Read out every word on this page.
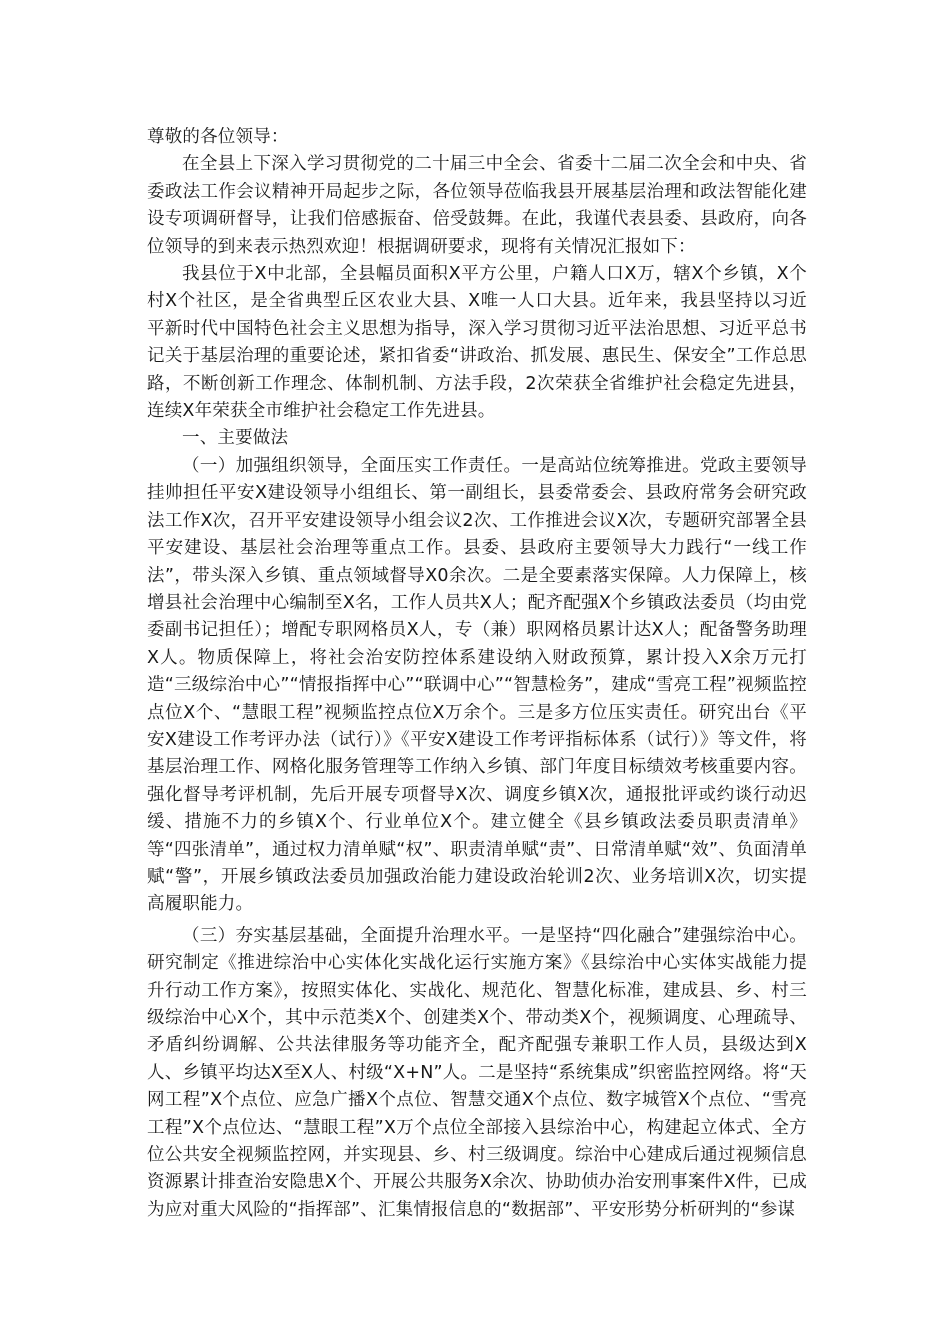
尊敬的各位领导：

在全县上下深入学习贯彻党的二十届三中全会、省委十二届二次全会和中央、省委政法工作会议精神开局起步之际，各位领导莅临我县开展基层治理和政法智能化建设专项调研督导，让我们倍感振奋、倍受鼓舞。在此，我谨代表县委、县政府，向各位领导的到来表示热烈欢迎！根据调研要求，现将有关情况汇报如下：

我县位于X中北部，全县幅员面积X平方公里，户籍人口X万，辖X个乡镇，X个村X个社区，是全省典型丘区农业大县、X唯一人口大县。近年来，我县坚持以习近平新时代中国特色社会主义思想为指导，深入学习贯彻习近平法治思想、习近平总书记关于基层治理的重要论述，紧扣省委“讲政治、抓发展、惠民生、保安全”工作总思路，不断创新工作理念、体制机制、方法手段，2次荣获全省维护社会稳定先进县，连续X年荣获全市维护社会稳定工作先进县。

一、主要做法

（一）加强组织领导，全面压实工作责任。一是高站位统筹推进。党政主要领导挂帅担任平安X建设领导小组组长、第一副组长，县委常委会、县政府常务会研究政法工作X次，召开平安建设领导小组会议2次、工作推进会议X次，专题研究部署全县平安建设、基层社会治理等重点工作。县委、县政府主要领导大力践行“一线工作法”，带头深入乡镇、重点领域督导X0余次。二是全要素落实保障。人力保障上，核增县社会治理中心编制至X名，工作人员共X人；配齐配强X个乡镇政法委员（均由党委副书记担任）；增配专职网格员X人，专（兼）职网格员累计达X人；配备警务助理X人。物质保障上，将社会治安防控体系建设纳入财政预算，累计投入X余万元打造“三级综治中心”“情报指挥中心”“联调中心”“智慧检务”，建成“雪亮工程”视频监控点位X个、“慧眼工程”视频监控点位X万余个。三是多方位压实责任。研究出台《平安X建设工作考评办法（试行）》《平安X建设工作考评指标体系（试行）》等文件，将基层治理工作、网格化服务管理等工作纳入乡镇、部门年度目标绩效考核重要内容。强化督导考评机制，先后开展专项督导X次、调度乡镇X次，通报批评或约谈行动迟缓、措施不力的乡镇X个、行业单位X个。建立健全《县乡镇政法委员职责清单》等“四张清单”，通过权力清单赋“权”、职责清单赋“责”、日常清单赋“效”、负面清单赋“警”，开展乡镇政法委员加强政治能力建设政治轮训2次、业务培训X次，切实提高履职能力。

（三）夯实基层基础，全面提升治理水平。一是坚持“四化融合”建强综治中心。研究制定《推进综治中心实体化实战化运行实施方案》《县综治中心实体实战能力提升行动工作方案》，按照实体化、实战化、规范化、智慧化标准，建成县、乡、村三级综治中心X个，其中示范类X个、创建类X个、带动类X个，视频调度、心理疏导、矛盾纠纷调解、公共法律服务等功能齐全，配齐配强专兼职工作人员，县级达到X人、乡镇平均达X至X人、村级“X+N”人。二是坚持“系统集成”织密监控网络。将“天网工程”X个点位、应急广播X个点位、智慧交通X个点位、数字城管X个点位、“雪亮工程”X个点位达、“慧眼工程”X万个点位全部接入县综治中心，构建起立体式、全方位公共安全视频监控网，并实现县、乡、村三级调度。综治中心建成后通过视频信息资源累计排查治安隐患X个、开展公共服务X余次、协助侦办治安刑事案件X件，已成为应对重大风险的“指挥部”、汇集情报信息的“数据部”、平安形势分析研判的“参谋
